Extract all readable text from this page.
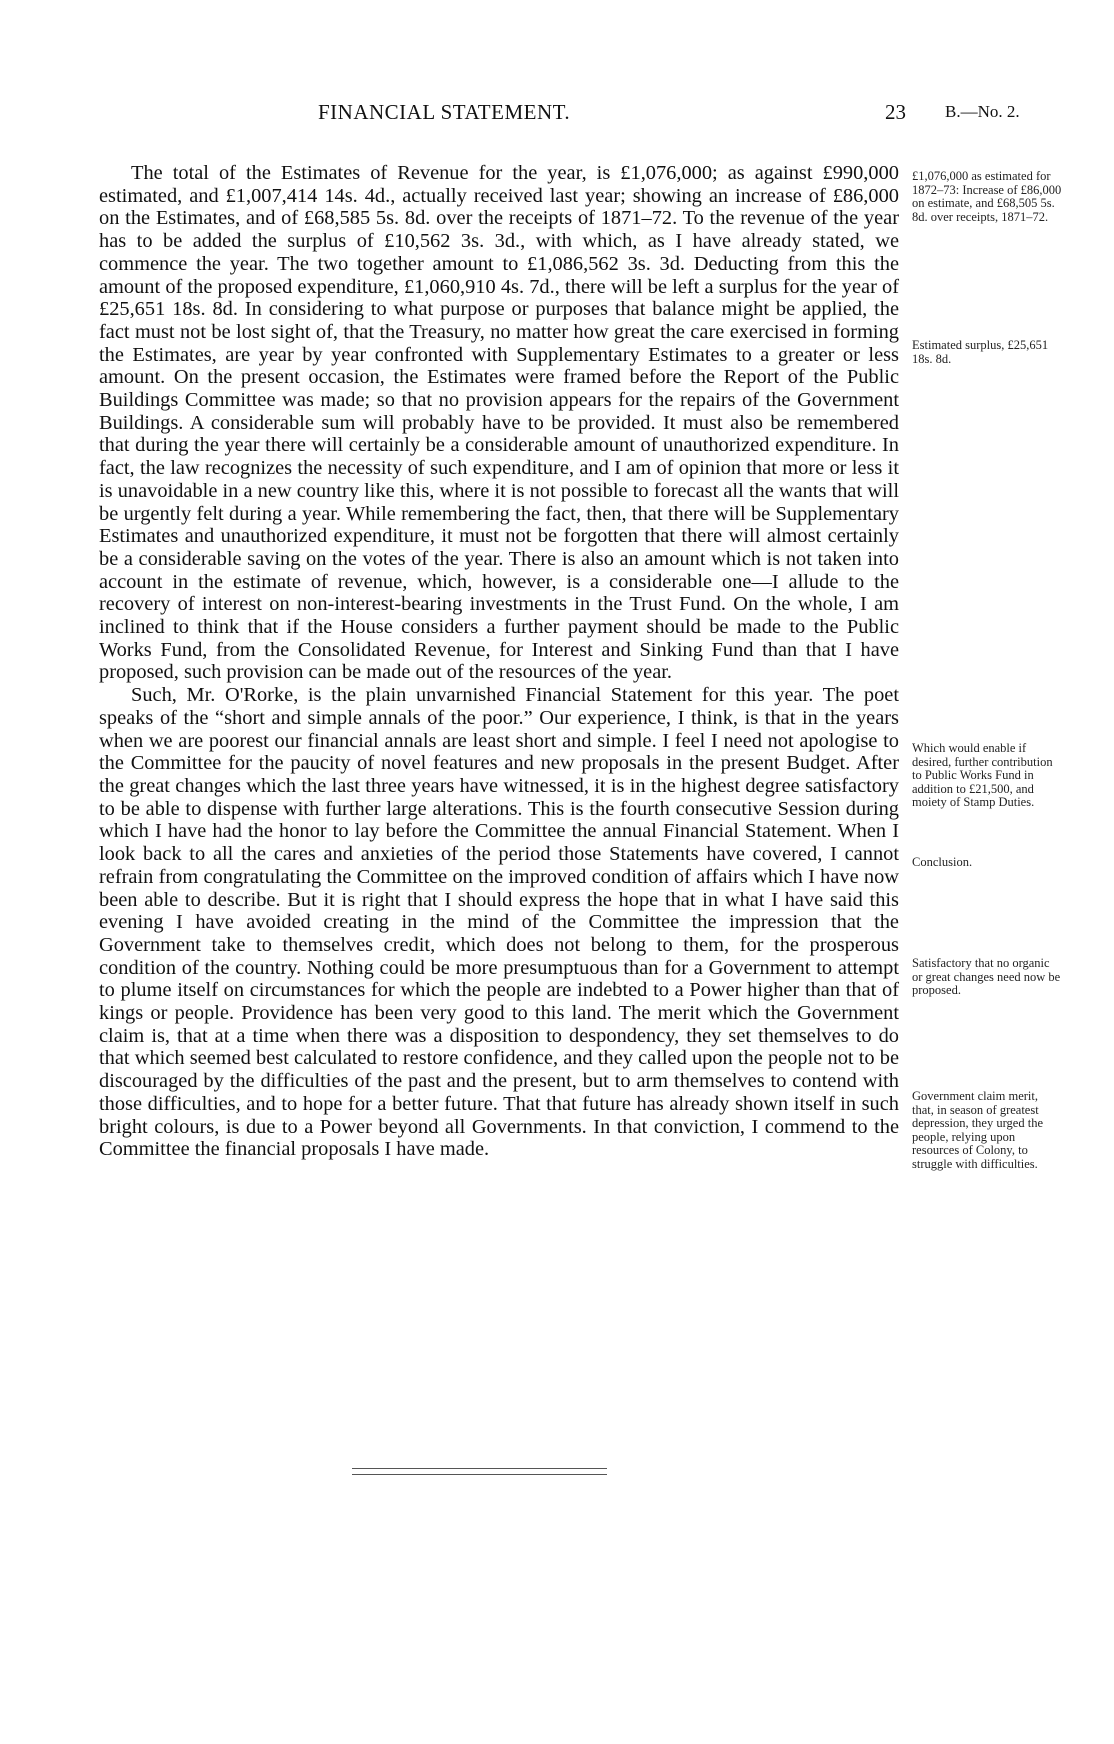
FINANCIAL STATEMENT.	23 B.—No. 2.

The total of the Estimates of Revenue for the year, is £1,076,000; as against £990,000 estimated, and £1,007,414 14s. 4d., actually received last year; showing an increase of £86,000 on the Estimates, and of £68,585 5s. 8d. over the receipts of 1871–72. To the revenue of the year has to be added the surplus of £10,562 3s. 3d., with which, as I have already stated, we commence the year. The two together amount to £1,086,562 3s. 3d. Deducting from this the amount of the proposed expenditure, £1,060,910 4s. 7d., there will be left a surplus for the year of £25,651 18s. 8d. In considering to what purpose or purposes that balance might be applied, the fact must not be lost sight of, that the Treasury, no matter how great the care exercised in forming the Estimates, are year by year confronted with Supplementary Estimates to a greater or less amount. On the present occasion, the Estimates were framed before the Report of the Public Buildings Committee was made; so that no provision appears for the repairs of the Government Buildings. A considerable sum will probably have to be provided. It must also be remembered that during the year there will certainly be a considerable amount of unauthorized expenditure. In fact, the law recognizes the necessity of such expenditure, and I am of opinion that more or less it is unavoidable in a new country like this, where it is not possible to forecast all the wants that will be urgently felt during a year. While remembering the fact, then, that there will be Supplementary Estimates and unauthorized expenditure, it must not be forgotten that there will almost certainly be a considerable saving on the votes of the year. There is also an amount which is not taken into account in the estimate of revenue, which, however, is a considerable one—I allude to the recovery of interest on non-interest-bearing investments in the Trust Fund. On the whole, I am inclined to think that if the House considers a further payment should be made to the Public Works Fund, from the Consolidated Revenue, for Interest and Sinking Fund than that I have proposed, such provision can be made out of the resources of the year.

Such, Mr. O'Rorke, is the plain unvarnished Financial Statement for this year. The poet speaks of the “short and simple annals of the poor.” Our experience, I think, is that in the years when we are poorest our financial annals are least short and simple. I feel I need not apologise to the Committee for the paucity of novel features and new proposals in the present Budget. After the great changes which the last three years have witnessed, it is in the highest degree satisfactory to be able to dispense with further large alterations. This is the fourth consecutive Session during which I have had the honor to lay before the Committee the annual Financial Statement. When I look back to all the cares and anxieties of the period those Statements have covered, I cannot refrain from congratulating the Committee on the improved condition of affairs which I have now been able to describe. But it is right that I should express the hope that in what I have said this evening I have avoided creating in the mind of the Committee the impression that the Government take to themselves credit, which does not belong to them, for the prosperous condition of the country. Nothing could be more presumptuous than for a Government to attempt to plume itself on circumstances for which the people are indebted to a Power higher than that of kings or people. Providence has been very good to this land. The merit which the Government claim is, that at a time when there was a disposition to despondency, they set themselves to do that which seemed best calculated to restore confidence, and they called upon the people not to be discouraged by the difficulties of the past and the present, but to arm themselves to contend with those difficulties, and to hope for a better future. That that future has already shown itself in such bright colours, is due to a Power beyond all Governments. In that conviction, I commend to the Committee the financial proposals I have made.

£1,076,000 as estimated for 1872–73: Increase of £86,000 on estimate, and £68,505 5s. 8d. over receipts, 1871–72.
Estimated surplus, £25,651 18s. 8d.
Which would enable if desired, further contribution to Public Works Fund in addition to £21,500, and moiety of Stamp Duties.
Conclusion.
Satisfactory that no organic or great changes need now be proposed.
Government claim merit, that, in season of greatest depression, they urged the people, relying upon resources of Colony, to struggle with difficulties.
